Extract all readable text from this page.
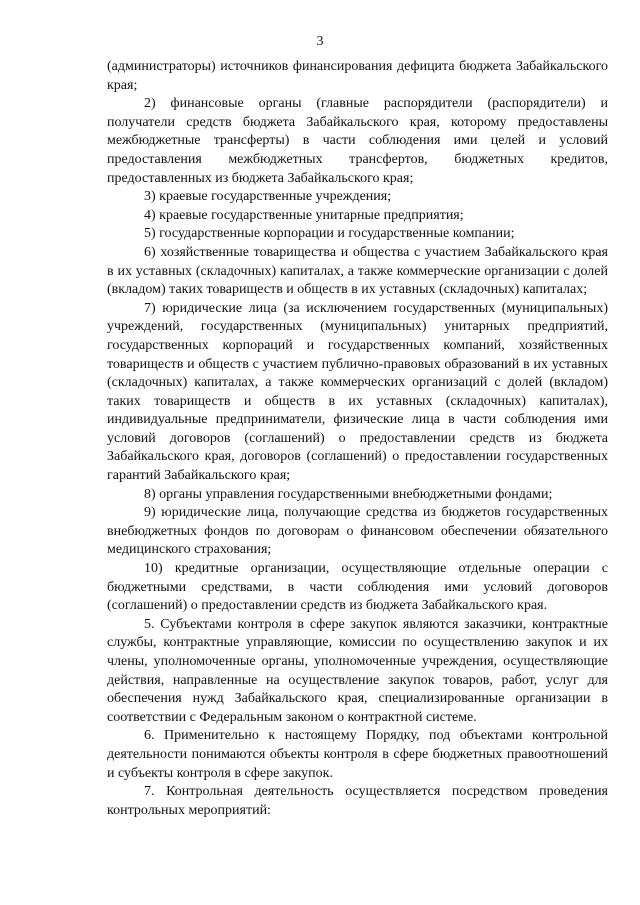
3

(администраторы) источников финансирования дефицита бюджета Забайкальского края;

2) финансовые органы (главные распорядители (распорядители) и получатели средств бюджета Забайкальского края, которому предоставлены межбюджетные трансферты) в части соблюдения ими целей и условий предоставления межбюджетных трансфертов, бюджетных кредитов, предоставленных из бюджета Забайкальского края;

3) краевые государственные учреждения;

4) краевые государственные унитарные предприятия;

5) государственные корпорации и государственные компании;

6) хозяйственные товарищества и общества с участием Забайкальского края в их уставных (складочных) капиталах, а также коммерческие организации с долей (вкладом) таких товариществ и обществ в их уставных (складочных) капиталах;

7) юридические лица (за исключением государственных (муниципальных) учреждений, государственных (муниципальных) унитарных предприятий, государственных корпораций и государственных компаний, хозяйственных товариществ и обществ с участием публично-правовых образований в их уставных (складочных) капиталах, а также коммерческих организаций с долей (вкладом) таких товариществ и обществ в их уставных (складочных) капиталах), индивидуальные предприниматели, физические лица в части соблюдения ими условий договоров (соглашений) о предоставлении средств из бюджета Забайкальского края, договоров (соглашений) о предоставлении государственных гарантий Забайкальского края;

8) органы управления государственными внебюджетными фондами;

9) юридические лица, получающие средства из бюджетов государственных внебюджетных фондов по договорам о финансовом обеспечении обязательного медицинского страхования;

10) кредитные организации, осуществляющие отдельные операции с бюджетными средствами, в части соблюдения ими условий договоров (соглашений) о предоставлении средств из бюджета Забайкальского края.

5. Субъектами контроля в сфере закупок являются заказчики, контрактные службы, контрактные управляющие, комиссии по осуществлению закупок и их члены, уполномоченные органы, уполномоченные учреждения, осуществляющие действия, направленные на осуществление закупок товаров, работ, услуг для обеспечения нужд Забайкальского края, специализированные организации в соответствии с Федеральным законом о контрактной системе.

6. Применительно к настоящему Порядку, под объектами контрольной деятельности понимаются объекты контроля в сфере бюджетных правоотношений и субъекты контроля в сфере закупок.

7. Контрольная деятельность осуществляется посредством проведения контрольных мероприятий:
